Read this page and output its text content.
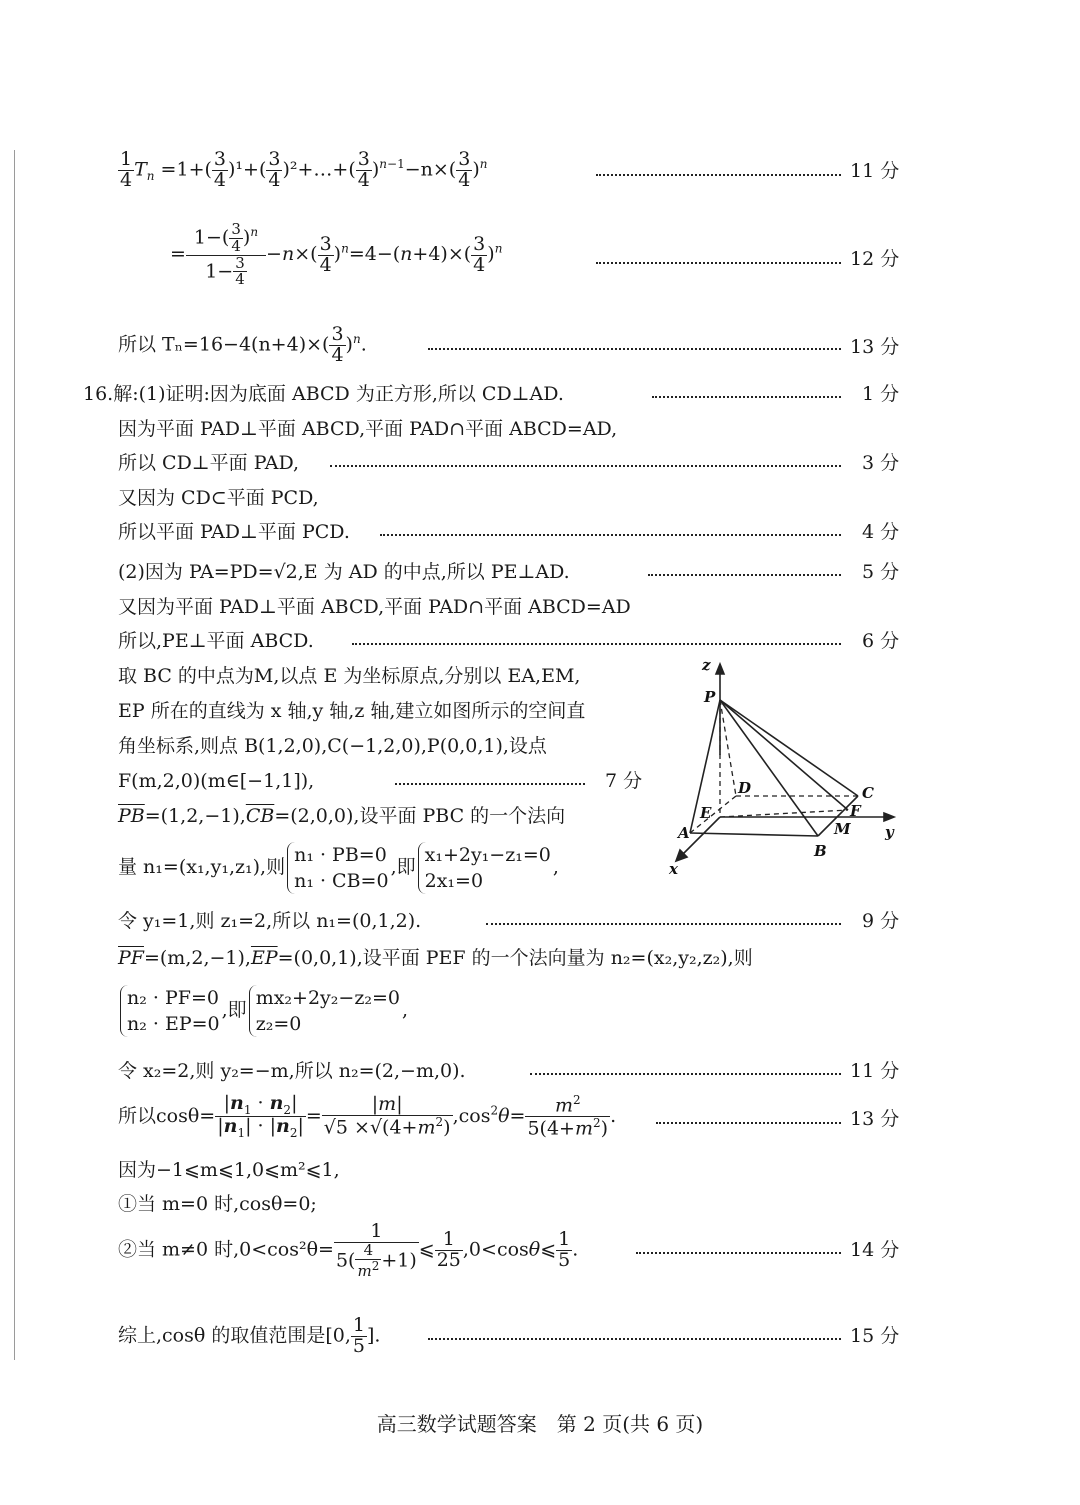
$\frac{1}{4} T_n =1+( \frac{3}{4} )^1+( \frac{3}{4}$ )²+…+( $\frac{3}{4} )^{n-1}-n\times( \frac{3}{4} )^n$	11 分
= $\frac{1-( \frac{3}{4} )^n}{1- \frac{3}{4}} -n\times( \frac{3}{4} )^n=4-(n+4)\times( \frac{3}{4} )^n$	12 分
所以 $T_n=16-4(n+4)\times( \frac{3}{4} )^n$.	13 分
16.解:(1)证明:因为底面 ABCD 为正方形,所以 CD⊥AD.	1 分
因为平面 PAD⊥平面 ABCD,平面 PAD∩平面 ABCD=AD,
所以 CD⊥平面 PAD,	3 分
又因为 CD⊂平面 PCD,
所以平面 PAD⊥平面 PCD.	4 分
(2)因为 PA=PD=√2,E 为 AD 的中点,所以 PE⊥AD.	5 分
又因为平面 PAD⊥平面 ABCD,平面 PAD∩平面 ABCD=AD
所以,PE⊥平面 ABCD.	6 分
取 BC 的中点为M,以点 E 为坐标原点,分别以 EA,EM,
EP 所在的直线为 x 轴,y 轴,z 轴,建立如图所示的空间直
角坐标系,则点 B(1,2,0),C(−1,2,0),P(0,0,1),设点
F(m,2,0)(m∈[−1,1]),	7 分
$\overline{PB}=(1,2,-1),\overline{CB}=(2,0,0)$,设平面 PBC 的一个法向
量 n₁=(x₁,y₁,z₁),则
n₁ · PB=0
n₁ · CB=0
,即
x₁+2y₁−z₁=0
2x₁=0
,
令 y₁=1,则 z₁=2,所以 n₁=(0,1,2).	9 分
$\overline{PF}=(m,2,-1),\overline{EP}=(0,0,1)$,设平面 PEF 的一个法向量为 n₂=(x₂,y₂,z₂),则
n₂ · PF=0
n₂ · EP=0
,即
mx₂+2y₂−z₂=0
z₂=0
,
令 x₂=2,则 y₂=−m,所以 n₂=(2,−m,0).	11 分
所以$\cos\theta= \frac{|n_1 \cdot n_2|}{|n_1| \cdot |n_2|} = \frac{|m|}{√5 \times√(4+m^2)} ,\cos^2\theta= \frac{m^2}{5(4+m^2)}$ .	13 分
因为−1⩽m⩽1,0⩽m²⩽1,
①当 m=0 时,cosθ=0;
②当 m≠0 时$,0<\cos^2\theta= \frac{1}{5( \frac{4}{m^2} +1)}$ ⩽ $\frac{1}{25}$ ,0<cosθ⩽ $\frac{1}{5}$ .	14 分
综上,cosθ 的取值范围是[0, $\frac{1}{5}$ ].	15 分
z
P
D	C
E	F
A	M
B
y
x
高三数学试题答案　第 2 页(共 6 页)
